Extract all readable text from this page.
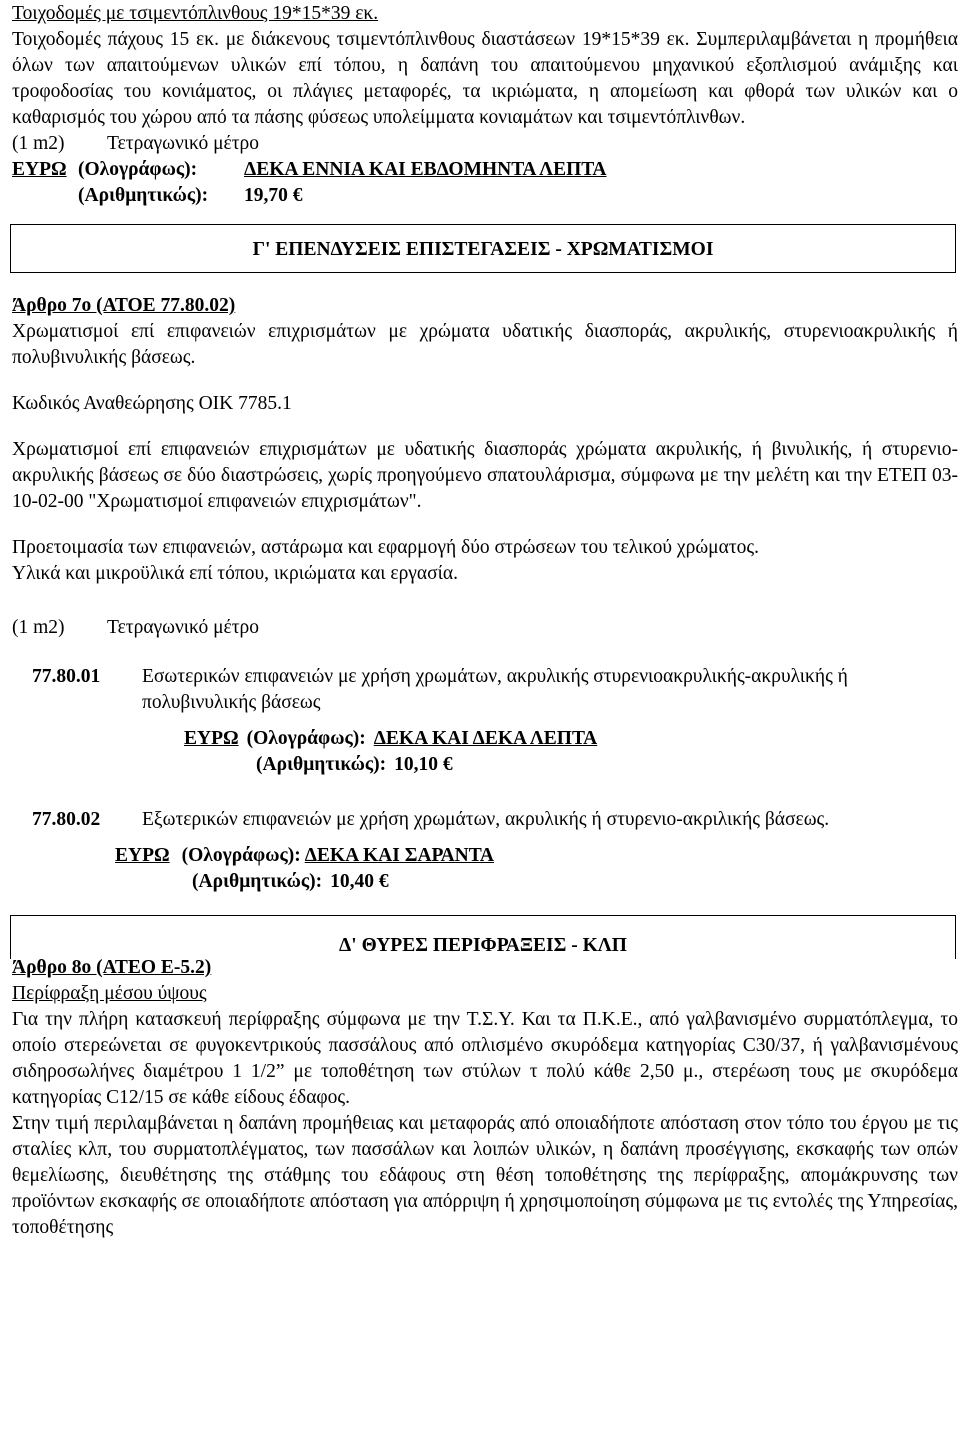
Τοιχοδομές με τσιμεντόπλινθους 19*15*39 εκ.

Τοιχοδομές πάχους 15 εκ. με διάκενους τσιμεντόπλινθους διαστάσεων 19*15*39 εκ. Συμπεριλαμβάνεται η προμήθεια όλων των απαιτούμενων υλικών επί τόπου, η δαπάνη του απαιτούμενου μηχανικού εξοπλισμού ανάμιξης και τροφοδοσίας του κονιάματος, οι πλάγιες μεταφορές, τα ικριώματα, η απομείωση και φθορά των υλικών και ο καθαρισμός του χώρου από τα πάσης φύσεως υπολείμματα κονιαμάτων και τσιμεντόπλινθων.

(1 m2)	Τετραγωνικό μέτρο
ΕΥΡΩ (Ολογράφως):	ΔΕΚΑ ΕΝΝΙΑ ΚΑΙ ΕΒΔΟΜΗΝΤΑ ΛΕΠΤΑ
(Αριθμητικώς):	19,70 €
Γ' ΕΠΕΝΔΥΣΕΙΣ ΕΠΙΣΤΕΓΑΣΕΙΣ - ΧΡΩΜΑΤΙΣΜΟΙ

Άρθρο 7ο (ΑΤΟΕ 77.80.02)

Χρωματισμοί επί επιφανειών επιχρισμάτων με χρώματα υδατικής διασποράς, ακρυλικής, στυρενιοακρυλικής ή πολυβινυλικής βάσεως.

Κωδικός Αναθεώρησης ΟΙΚ 7785.1

Χρωματισμοί επί επιφανειών επιχρισμάτων με υδατικής διασποράς χρώματα ακρυλικής, ή βινυλικής, ή στυρενιο-ακρυλικής βάσεως σε δύο διαστρώσεις, χωρίς προηγούμενο σπατουλάρισμα, σύμφωνα με την μελέτη και την ΕΤΕΠ 03-10-02-00 "Χρωματισμοί επιφανειών επιχρισμάτων".

Προετοιμασία των επιφανειών, αστάρωμα και εφαρμογή δύο στρώσεων του τελικού χρώματος.

Υλικά και μικροϋλικά επί τόπου, ικριώματα και εργασία.

(1 m2)	Τετραγωνικό μέτρο
77.80.01	Εσωτερικών επιφανειών με χρήση χρωμάτων, ακρυλικής στυρενιοακρυλικής-ακρυλικής ή πολυβινυλικής βάσεως
ΕΥΡΩ (Ολογράφως): ΔΕΚΑ ΚΑΙ ΔΕΚΑ ΛΕΠΤΑ
(Αριθμητικώς): 10,10 €
77.80.02	Εξωτερικών επιφανειών με χρήση χρωμάτων, ακρυλικής ή στυρενιο-ακριλικής βάσεως.
ΕΥΡΩ (Ολογράφως): ΔΕΚΑ ΚΑΙ ΣΑΡΑΝΤΑ
(Αριθμητικώς): 10,40 €
Δ' ΘΥΡΕΣ ΠΕΡΙΦΡΑΞΕΙΣ - ΚΛΠ

Άρθρο 8ο (ΑΤΕΟ Ε-5.2)

Περίφραξη μέσου ύψους

Για την πλήρη κατασκευή περίφραξης σύμφωνα με την Τ.Σ.Υ. Και τα Π.Κ.Ε., από γαλβανισμένο συρματόπλεγμα, το οποίο στερεώνεται σε φυγοκεντρικούς πασσάλους από οπλισμένο σκυρόδεμα κατηγορίας C30/37, ή γαλβανισμένους σιδηροσωλήνες διαμέτρου 1 1/2” με τοποθέτηση των στύλων τ πολύ κάθε 2,50 μ., στερέωση τους με σκυρόδεμα κατηγορίας C12/15 σε κάθε είδους έδαφος.

Στην τιμή περιλαμβάνεται η δαπάνη προμήθειας και μεταφοράς από οποιαδήποτε απόσταση στον τόπο του έργου με τις σταλίες κλπ, του συρματοπλέγματος, των πασσάλων και λοιπών υλικών, η δαπάνη προσέγγισης, εκσκαφής των οπών θεμελίωσης, διευθέτησης της στάθμης του εδάφους στη θέση τοποθέτησης της περίφραξης, απομάκρυνσης των προϊόντων εκσκαφής σε οποιαδήποτε απόσταση για απόρριψη ή χρησιμοποίηση σύμφωνα με τις εντολές της Υπηρεσίας, τοποθέτησης
